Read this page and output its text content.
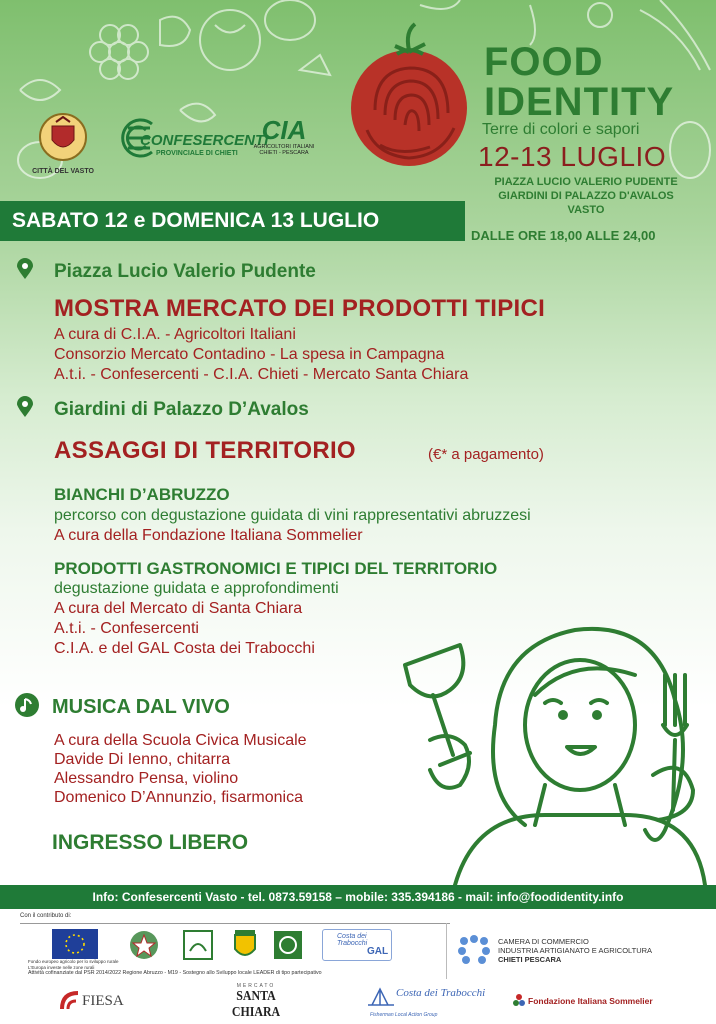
CITTÀ DEL VASTO
CONFESERCENTI
PROVINCIALE DI CHIETI
CIA
AGRICOLTORI ITALIANI
CHIETI - PESCARA
FOOD
IDENTITY
Terre di colori e sapori
12-13 LUGLIO
PIAZZA LUCIO VALERIO PUDENTE
GIARDINI DI PALAZZO D'AVALOS
VASTO
SABATO 12 e DOMENICA 13 LUGLIO
DALLE ORE 18,00 ALLE 24,00
Piazza Lucio Valerio Pudente
MOSTRA MERCATO DEI PRODOTTI TIPICI
A cura di C.I.A. - Agricoltori Italiani
Consorzio Mercato Contadino - La spesa in Campagna
A.t.i. - Confesercenti - C.I.A. Chieti - Mercato Santa Chiara
Giardini di Palazzo D’Avalos
ASSAGGI DI TERRITORIO	(€* a pagamento)
BIANCHI D’ABRUZZO
percorso con degustazione guidata di vini rappresentativi abruzzesi
A cura della Fondazione Italiana Sommelier
PRODOTTI GASTRONOMICI E TIPICI DEL TERRITORIO
degustazione guidata e approfondimenti
A cura del Mercato di Santa Chiara
A.t.i. - Confesercenti
C.I.A. e del GAL Costa dei Trabocchi
MUSICA DAL VIVO
A cura della Scuola Civica Musicale
Davide Di Ienno, chitarra
Alessandro Pensa, violino
Domenico D’Annunzio, fisarmonica
INGRESSO LIBERO
Info: Confesercenti Vasto - tel. 0873.59158 – mobile: 335.394186 - mail: info@foodidentity.info
Con il contributo di:
Fondo europeo agricolo per lo sviluppo rurale
L'Europa investe nelle zone rurali
Costa dei Trabocchi
GAL
Attività cofinanziate dal PSR 2014/2022 Regione Abruzzo - M19 - Sostegno allo Sviluppo locale LEADER di tipo partecipativo
CAMERA DI COMMERCIO
INDUSTRIA ARTIGIANATO E AGRICOLTURA
CHIETI PESCARA
FIESA
MERCATO
SANTA CHIARA
Costa dei Trabocchi
Fisherman Local Action Group
Fondazione Italiana Sommelier
